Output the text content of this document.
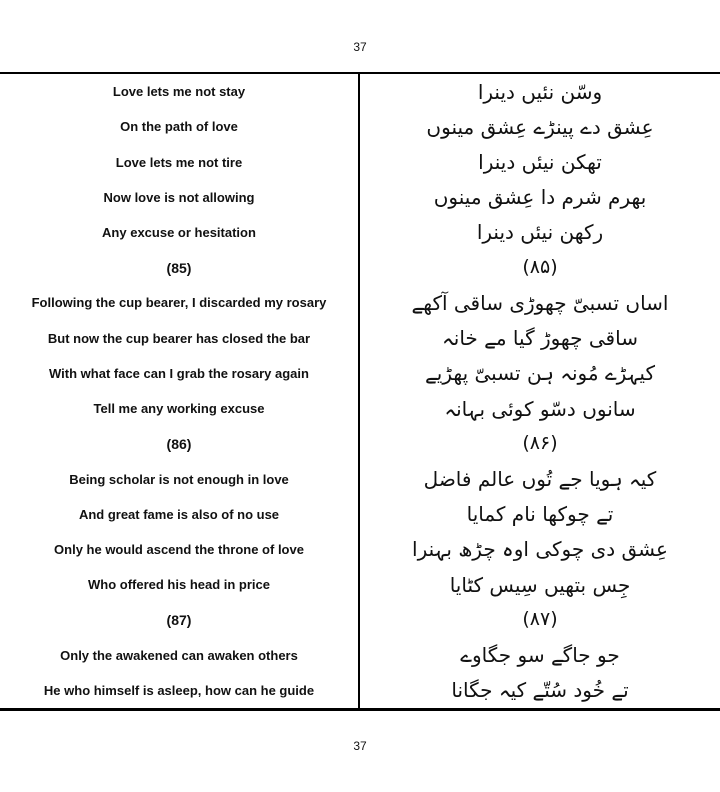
37
Love lets me not stay	وسّن نئیں دینرا
On the path of love	عِشق دے پینڑے عِشق مینوں
Love lets me not tire	تھکن نیئں دینرا
Now love is not allowing	بھرم شرم دا عِشق مینوں
Any excuse or hesitation	رکھن نیئں دینرا
(85)	(۸۵)
Following the cup bearer, I discarded my rosary	اساں تسبیّ چھوڑی ساقی آکھے
But now the cup bearer has closed the bar	ساقی چھوڑ گیا مے خانہ
With what face can I grab the rosary again	کیہڑے مُونہ ہن تسبیّ پھڑیے
Tell me any working excuse	سانوں دسّو کوئی بہانہ
(86)	(۸۶)
Being scholar is not enough in love	کیہ ہویا جے تُوں عالم فاضل
And great fame is also of no use	تے چوکھا نام کمایا
Only he would ascend the throne of love	عِشق دی چوکی اوہ چڑھ بہنرا
Who offered his head in price	جِس بتھیں سِیس کٹایا
(87)	(۸۷)
Only the awakened can awaken others	جو جاگے سو جگاوے
He who himself is asleep, how can he guide	تے خُود سُتّے کیہ جگانا
37
